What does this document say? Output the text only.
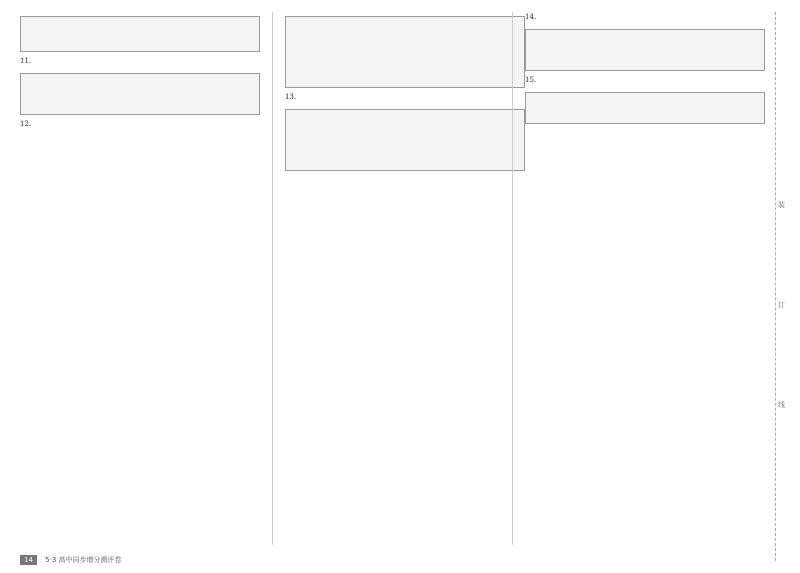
11.
12.
13.
14.
15.
装
订
线
14 5·3 高中同步增分测评卷
